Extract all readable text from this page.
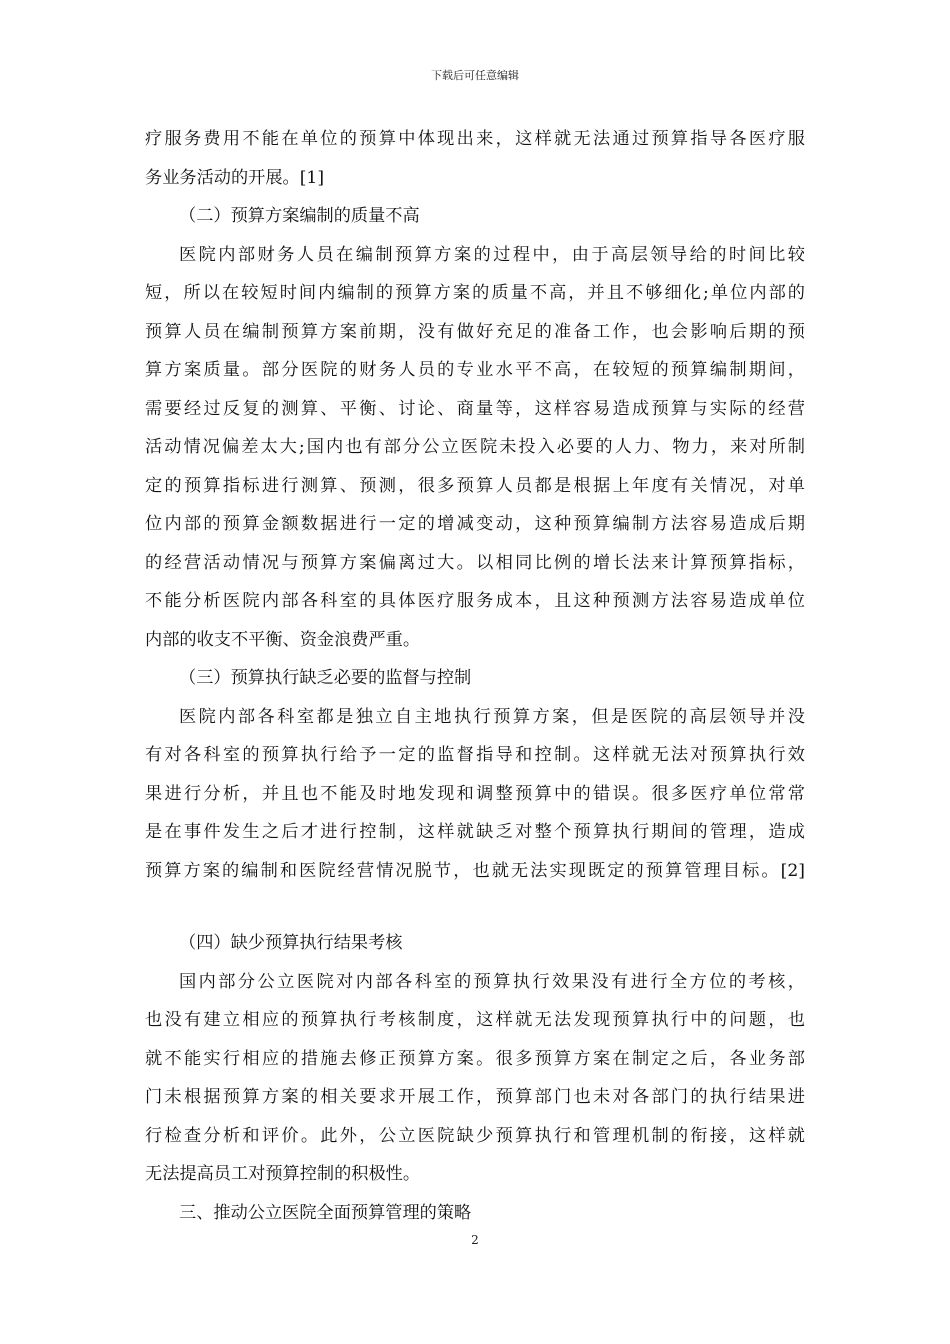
下载后可任意编辑
疗服务费用不能在单位的预算中体现出来，这样就无法通过预算指导各医疗服
务业务活动的开展。[1]
（二）预算方案编制的质量不高
医院内部财务人员在编制预算方案的过程中，由于高层领导给的时间比较
短，所以在较短时间内编制的预算方案的质量不高，并且不够细化;单位内部的
预算人员在编制预算方案前期，没有做好充足的准备工作，也会影响后期的预
算方案质量。部分医院的财务人员的专业水平不高，在较短的预算编制期间，
需要经过反复的测算、平衡、讨论、商量等，这样容易造成预算与实际的经营
活动情况偏差太大;国内也有部分公立医院未投入必要的人力、物力，来对所制
定的预算指标进行测算、预测，很多预算人员都是根据上年度有关情况，对单
位内部的预算金额数据进行一定的增减变动，这种预算编制方法容易造成后期
的经营活动情况与预算方案偏离过大。以相同比例的增长法来计算预算指标，
不能分析医院内部各科室的具体医疗服务成本，且这种预测方法容易造成单位
内部的收支不平衡、资金浪费严重。
（三）预算执行缺乏必要的监督与控制
医院内部各科室都是独立自主地执行预算方案，但是医院的高层领导并没
有对各科室的预算执行给予一定的监督指导和控制。这样就无法对预算执行效
果进行分析，并且也不能及时地发现和调整预算中的错误。很多医疗单位常常
是在事件发生之后才进行控制，这样就缺乏对整个预算执行期间的管理，造成
预算方案的编制和医院经营情况脱节，也就无法实现既定的预算管理目标。[2]
（四）缺少预算执行结果考核
国内部分公立医院对内部各科室的预算执行效果没有进行全方位的考核，
也没有建立相应的预算执行考核制度，这样就无法发现预算执行中的问题，也
就不能实行相应的措施去修正预算方案。很多预算方案在制定之后，各业务部
门未根据预算方案的相关要求开展工作，预算部门也未对各部门的执行结果进
行检查分析和评价。此外，公立医院缺少预算执行和管理机制的衔接，这样就
无法提高员工对预算控制的积极性。
三、推动公立医院全面预算管理的策略
2
